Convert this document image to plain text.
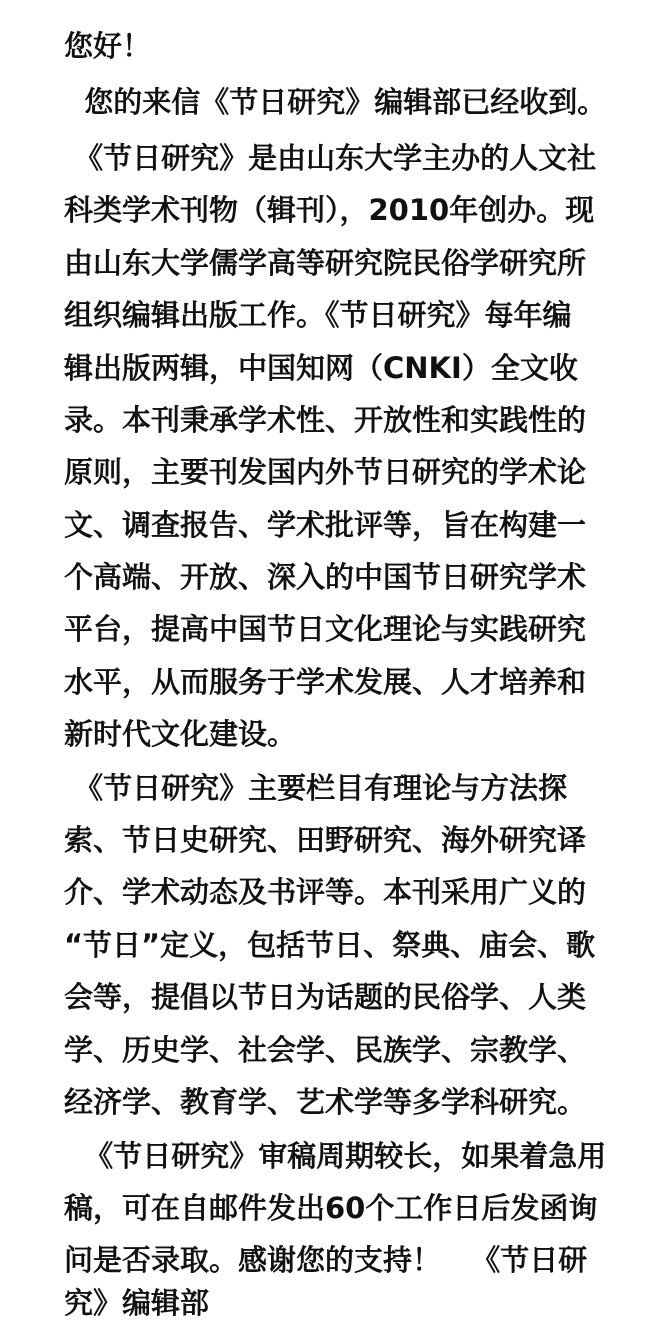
您好！
您的来信《节日研究》编辑部已经收到。
《节日研究》是由山东大学主办的人文社
科类学术刊物（辑刊），2010年创办。现
由山东大学儒学高等研究院民俗学研究所
组织编辑出版工作。《节日研究》每年编
辑出版两辑，中国知网（CNKI）全文收
录。本刊秉承学术性、开放性和实践性的
原则，主要刊发国内外节日研究的学术论
文、调查报告、学术批评等，旨在构建一
个高端、开放、深入的中国节日研究学术
平台，提高中国节日文化理论与实践研究
水平，从而服务于学术发展、人才培养和
新时代文化建设。
《节日研究》主要栏目有理论与方法探
索、节日史研究、田野研究、海外研究译
介、学术动态及书评等。本刊采用广义的
“节日”定义，包括节日、祭典、庙会、歌
会等，提倡以节日为话题的民俗学、人类
学、历史学、社会学、民族学、宗教学、
经济学、教育学、艺术学等多学科研究。
《节日研究》审稿周期较长，如果着急用
稿，可在自邮件发出60个工作日后发函询
问是否录取。感谢您的支持！   《节日研
究》编辑部
